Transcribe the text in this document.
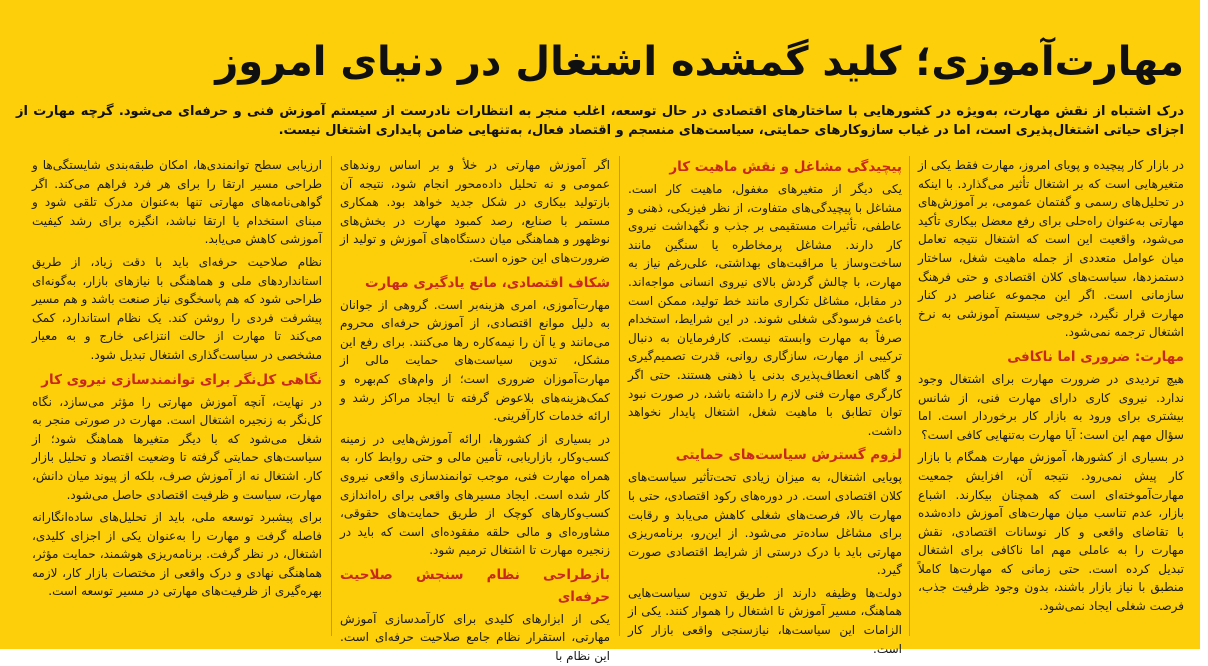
مهارت‌آموزی؛ کلید گمشده اشتغال در دنیای امروز
درک اشتباه از نقش مهارت، به‌ویژه در کشورهایی با ساختارهای اقتصادی در حال توسعه، اغلب منجر به انتظارات نادرست از سیستم آموزش فنی و حرفه‌ای می‌شود. گرچه مهارت از اجزای حیاتی اشتغال‌پذیری است، اما در غیاب سازوکارهای حمایتی، سیاست‌های منسجم و اقتصاد فعال، به‌تنهایی ضامن پایداری اشتغال نیست.

در بازار کار پیچیده و پویای امروز، مهارت فقط یکی از متغیرهایی است که بر اشتغال تأثیر می‌گذارد. با اینکه در تحلیل‌های رسمی و گفتمان عمومی، بر آموزش‌های مهارتی به‌عنوان راه‌حلی برای رفع معضل بیکاری تأکید می‌شود، واقعیت این است که اشتغال نتیجه تعامل میان عوامل متعددی از جمله ماهیت شغل، ساختار دستمزدها، سیاست‌های کلان اقتصادی و حتی فرهنگ سازمانی است. اگر این مجموعه عناصر در کنار مهارت قرار نگیرد، خروجی سیستم آموزشی به نرخ اشتغال ترجمه نمی‌شود.

مهارت: ضروری اما ناکافی

هیچ تردیدی در ضرورت مهارت برای اشتغال وجود ندارد. نیروی کاری دارای مهارت فنی، از شانس بیشتری برای ورود به بازار کار برخوردار است. اما سؤال مهم این است: آیا مهارت به‌تنهایی کافی است؟

در بسیاری از کشورها، آموزش مهارت همگام با بازار کار پیش نمی‌رود. نتیجه آن، افزایش جمعیت مهارت‌آموخته‌ای است که همچنان بیکارند. اشباع بازار، عدم تناسب میان مهارت‌های آموزش داده‌شده با تقاضای واقعی و کار نوسانات اقتصادی، نقش مهارت را به عاملی مهم اما ناکافی برای اشتغال تبدیل کرده است. حتی زمانی که مهارت‌ها کاملاً منطبق با نیاز بازار باشند، بدون وجود ظرفیت جذب، فرصت شغلی ایجاد نمی‌شود.

پیچیدگی مشاغل و نقش ماهیت کار

یکی دیگر از متغیرهای مغفول، ماهیت کار است. مشاغل با پیچیدگی‌های متفاوت، از نظر فیزیکی، ذهنی و عاطفی، تأثیرات مستقیمی بر جذب و نگهداشت نیروی کار دارند. مشاغل پرمخاطره یا سنگین مانند ساخت‌وساز یا مراقبت‌های بهداشتی، علی‌رغم نیاز به مهارت، با چالش گردش بالای نیروی انسانی مواجه‌اند. در مقابل، مشاغل تکراری مانند خط تولید، ممکن است باعث فرسودگی شغلی شوند. در این شرایط، استخدام صرفاً به مهارت وابسته نیست. کارفرمایان به دنبال ترکیبی از مهارت، سازگاری روانی، قدرت تصمیم‌گیری و گاهی انعطاف‌پذیری بدنی یا ذهنی هستند. حتی اگر کارگری مهارت فنی لازم را داشته باشد، در صورت نبود توان تطابق با ماهیت شغل، اشتغال پایدار نخواهد داشت.

لزوم گسترش سیاست‌های حمایتی

پویایی اشتغال، به میزان زیادی تحت‌تأثیر سیاست‌های کلان اقتصادی است. در دوره‌های رکود اقتصادی، حتی با مهارت بالا، فرصت‌های شغلی کاهش می‌یابد و رقابت برای مشاغل ساده‌تر می‌شود. از این‌رو، برنامه‌ریزی مهارتی باید با درک درستی از شرایط اقتصادی صورت گیرد.

دولت‌ها وظیفه دارند از طریق تدوین سیاست‌هایی هماهنگ، مسیر آموزش تا اشتغال را هموار کنند. یکی از الزامات این سیاست‌ها، نیازسنجی واقعی بازار کار است.

اگر آموزش مهارتی در خلأ و بر اساس روندهای عمومی و نه تحلیل داده‌محور انجام شود، نتیجه آن بازتولید بیکاری در شکل جدید خواهد بود. همکاری مستمر با صنایع، رصد کمبود مهارت در بخش‌های نوظهور و هماهنگی میان دستگاه‌های آموزش و تولید از ضرورت‌های این حوزه است.

شکاف اقتصادی، مانع یادگیری مهارت

مهارت‌آموزی، امری هزینه‌بر است. گروهی از جوانان به دلیل موانع اقتصادی، از آموزش حرفه‌ای محروم می‌مانند و یا آن را نیمه‌کاره رها می‌کنند. برای رفع این مشکل، تدوین سیاست‌های حمایت مالی از مهارت‌آموزان ضروری است؛ از وام‌های کم‌بهره و کمک‌هزینه‌های بلاعوض گرفته تا ایجاد مراکز رشد و ارائه خدمات کارآفرینی.

در بسیاری از کشورها، ارائه آموزش‌هایی در زمینه کسب‌وکار، بازاریابی، تأمین مالی و حتی روابط کار، به همراه مهارت فنی، موجب توانمندسازی واقعی نیروی کار شده است. ایجاد مسیرهای واقعی برای راه‌اندازی کسب‌وکارهای کوچک از طریق حمایت‌های حقوقی، مشاوره‌ای و مالی حلقه مفقوده‌ای است که باید در زنجیره مهارت تا اشتغال ترمیم شود.

بازطراحی نظام سنجش صلاحیت حرفه‌ای

یکی از ابزارهای کلیدی برای کارآمدسازی آموزش مهارتی، استقرار نظام جامع صلاحیت حرفه‌ای است. این نظام با

ارزیابی سطح توانمندی‌ها، امکان طبقه‌بندی شایستگی‌ها و طراحی مسیر ارتقا را برای هر فرد فراهم می‌کند. اگر گواهی‌نامه‌های مهارتی تنها به‌عنوان مدرک تلقی شود و مبنای استخدام یا ارتقا نباشد، انگیزه برای رشد کیفیت آموزشی کاهش می‌یابد.

نظام صلاحیت حرفه‌ای باید با دقت زیاد، از طریق استانداردهای ملی و هماهنگی با نیازهای بازار، به‌گونه‌ای طراحی شود که هم پاسخگوی نیاز صنعت باشد و هم مسیر پیشرفت فردی را روشن کند. یک نظام استاندارد، کمک می‌کند تا مهارت از حالت انتزاعی خارج و به معیار مشخصی در سیاست‌گذاری اشتغال تبدیل شود.

نگاهی کل‌نگر برای توانمندسازی نیروی کار

در نهایت، آنچه آموزش مهارتی را مؤثر می‌سازد، نگاه کل‌نگر به زنجیره اشتغال است. مهارت در صورتی منجر به شغل می‌شود که با دیگر متغیرها هماهنگ شود؛ از سیاست‌های حمایتی گرفته تا وضعیت اقتصاد و تحلیل بازار کار. اشتغال نه از آموزش صرف، بلکه از پیوند میان دانش، مهارت، سیاست و ظرفیت اقتصادی حاصل می‌شود.

برای پیشبرد توسعه ملی، باید از تحلیل‌های ساده‌انگارانه فاصله گرفت و مهارت را به‌عنوان یکی از اجزای کلیدی، اشتغال، در نظر گرفت. برنامه‌ریزی هوشمند، حمایت مؤثر، هماهنگی نهادی و درک واقعی از مختصات بازار کار، لازمه بهره‌گیری از ظرفیت‌های مهارتی در مسیر توسعه است.
